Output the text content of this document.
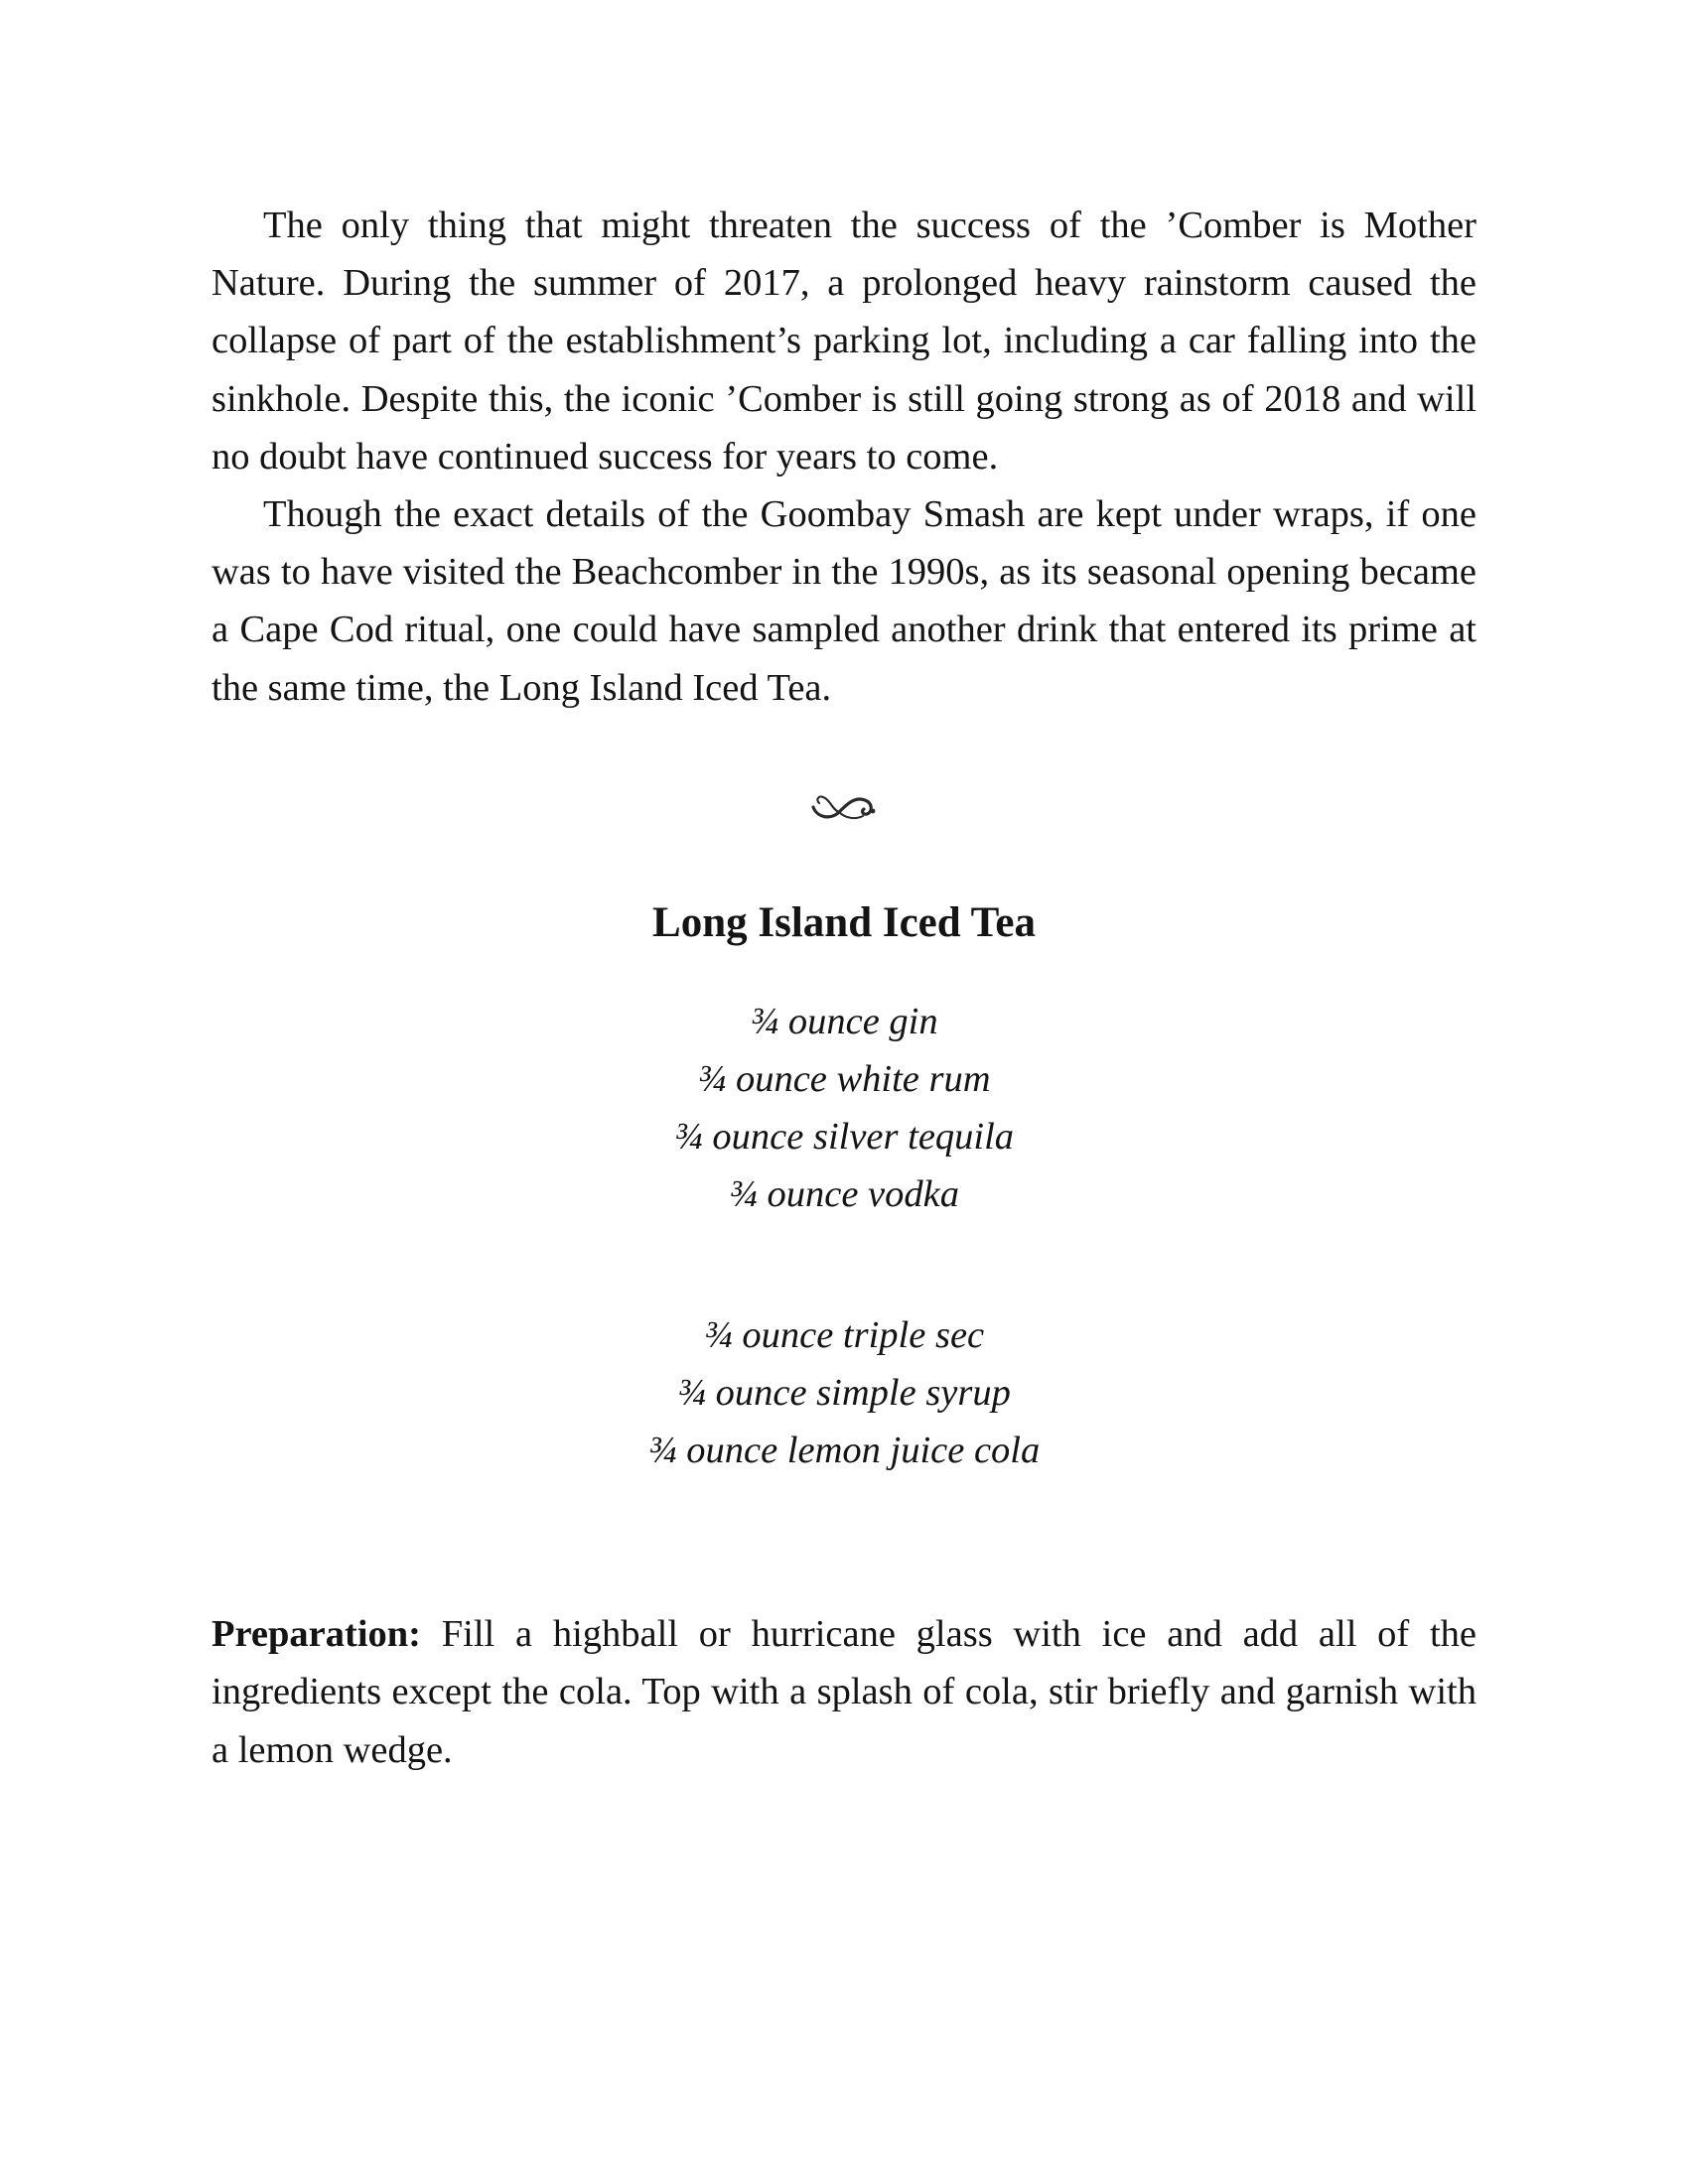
The only thing that might threaten the success of the ’Comber is Mother Nature. During the summer of 2017, a prolonged heavy rainstorm caused the collapse of part of the establishment’s parking lot, including a car falling into the sinkhole. Despite this, the iconic ’Comber is still going strong as of 2018 and will no doubt have continued success for years to come.

Though the exact details of the Goombay Smash are kept under wraps, if one was to have visited the Beachcomber in the 1990s, as its seasonal opening became a Cape Cod ritual, one could have sampled another drink that entered its prime at the same time, the Long Island Iced Tea.

Long Island Iced Tea
¾ ounce gin
¾ ounce white rum
¾ ounce silver tequila
¾ ounce vodka
¾ ounce triple sec
¾ ounce simple syrup
¾ ounce lemon juice cola

Preparation: Fill a highball or hurricane glass with ice and add all of the ingredients except the cola. Top with a splash of cola, stir briefly and garnish with a lemon wedge.
